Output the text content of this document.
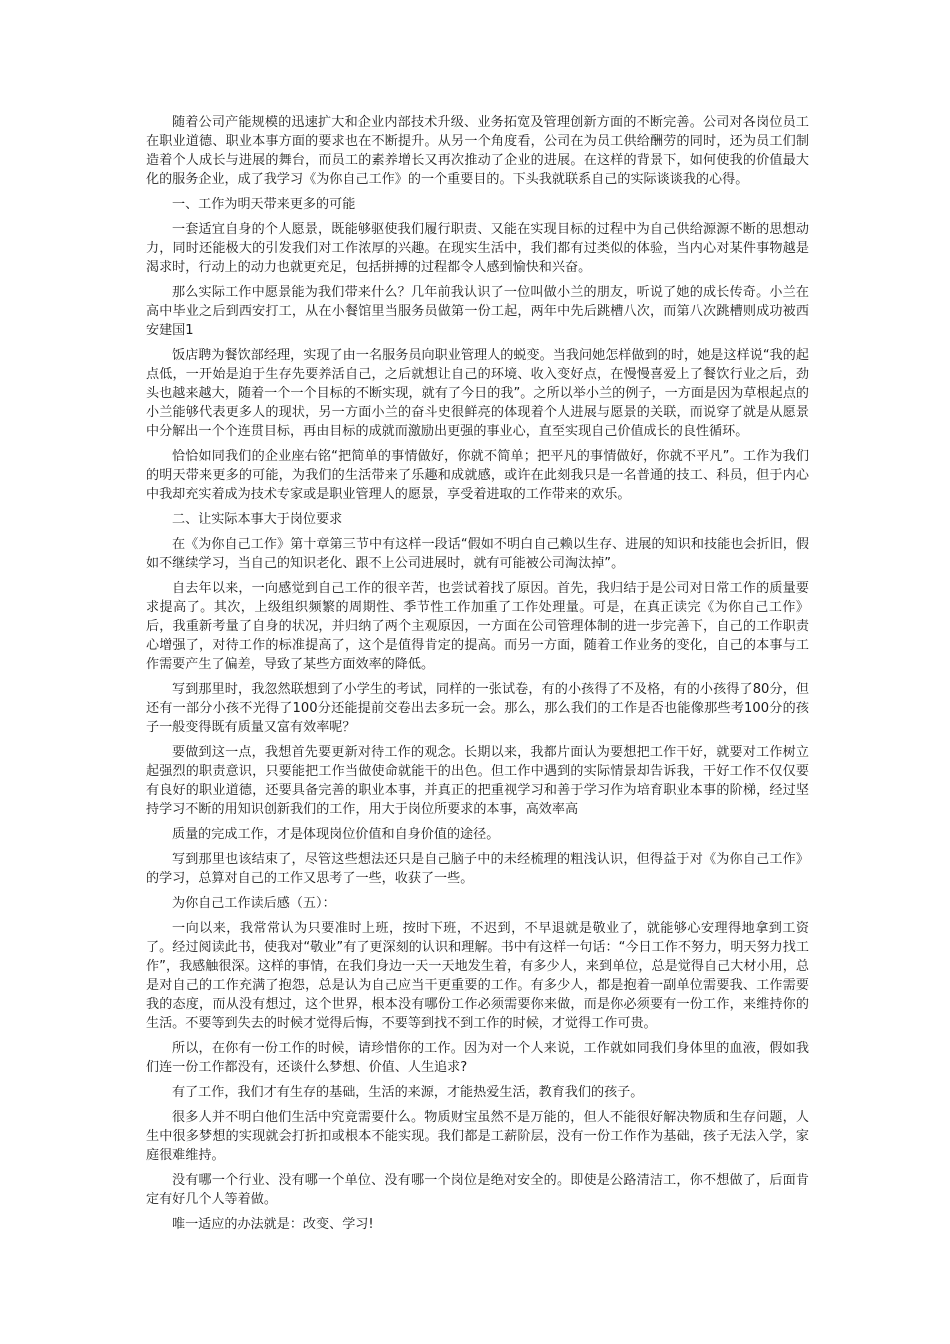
随着公司产能规模的迅速扩大和企业内部技术升级、业务拓宽及管理创新方面的不断完善。公司对各岗位员工在职业道德、职业本事方面的要求也在不断提升。从另一个角度看，公司在为员工供给酬劳的同时，还为员工们制造着个人成长与进展的舞台，而员工的素养增长又再次推动了企业的进展。在这样的背景下，如何使我的价值最大化的服务企业，成了我学习《为你自己工作》的一个重要目的。下头我就联系自己的实际谈谈我的心得。

一、工作为明天带来更多的可能

一套适宜自身的个人愿景，既能够驱使我们履行职责、又能在实现目标的过程中为自己供给源源不断的思想动力，同时还能极大的引发我们对工作浓厚的兴趣。在现实生活中，我们都有过类似的体验，当内心对某件事物越是渴求时，行动上的动力也就更充足，包括拼搏的过程都令人感到愉快和兴奋。

那么实际工作中愿景能为我们带来什么？几年前我认识了一位叫做小兰的朋友，听说了她的成长传奇。小兰在高中毕业之后到西安打工，从在小餐馆里当服务员做第一份工起，两年中先后跳槽八次，而第八次跳槽则成功被西安建国1

饭店聘为餐饮部经理，实现了由一名服务员向职业管理人的蜕变。当我问她怎样做到的时，她是这样说“我的起点低，一开始是迫于生存先要养活自己，之后就想让自己的环境、收入变好点，在慢慢喜爱上了餐饮行业之后，劲头也越来越大，随着一个一个目标的不断实现，就有了今日的我”。之所以举小兰的例子，一方面是因为草根起点的小兰能够代表更多人的现状，另一方面小兰的奋斗史很鲜亮的体现着个人进展与愿景的关联，而说穿了就是从愿景中分解出一个个连贯目标，再由目标的成就而激励出更强的事业心，直至实现自己价值成长的良性循环。

恰恰如同我们的企业座右铭“把简单的事情做好，你就不简单；把平凡的事情做好，你就不平凡”。工作为我们的明天带来更多的可能，为我们的生活带来了乐趣和成就感，或许在此刻我只是一名普通的技工、科员，但于内心中我却充实着成为技术专家或是职业管理人的愿景，享受着进取的工作带来的欢乐。

二、让实际本事大于岗位要求

在《为你自己工作》第十章第三节中有这样一段话“假如不明白自己赖以生存、进展的知识和技能也会折旧，假如不继续学习，当自己的知识老化、跟不上公司进展时，就有可能被公司淘汰掉”。

自去年以来，一向感觉到自己工作的很辛苦，也尝试着找了原因。首先，我归结于是公司对日常工作的质量要求提高了。其次，上级组织频繁的周期性、季节性工作加重了工作处理量。可是，在真正读完《为你自己工作》后，我重新考量了自身的状况，并归纳了两个主观原因，一方面在公司管理体制的进一步完善下，自己的工作职责心增强了，对待工作的标准提高了，这个是值得肯定的提高。而另一方面，随着工作业务的变化，自己的本事与工作需要产生了偏差，导致了某些方面效率的降低。

写到那里时，我忽然联想到了小学生的考试，同样的一张试卷，有的小孩得了不及格，有的小孩得了80分，但还有一部分小孩不光得了100分还能提前交卷出去多玩一会。那么，那么我们的工作是否也能像那些考100分的孩子一般变得既有质量又富有效率呢？

要做到这一点，我想首先要更新对待工作的观念。长期以来，我都片面认为要想把工作干好，就要对工作树立起强烈的职责意识，只要能把工作当做使命就能干的出色。但工作中遇到的实际情景却告诉我，干好工作不仅仅要有良好的职业道德，还要具备完善的职业本事，并真正的把重视学习和善于学习作为培育职业本事的阶梯，经过坚持学习不断的用知识创新我们的工作，用大于岗位所要求的本事，高效率高

质量的完成工作，才是体现岗位价值和自身价值的途径。

写到那里也该结束了，尽管这些想法还只是自己脑子中的未经梳理的粗浅认识，但得益于对《为你自己工作》的学习，总算对自己的工作又思考了一些，收获了一些。

为你自己工作读后感（五）：

一向以来，我常常认为只要准时上班，按时下班，不迟到，不早退就是敬业了，就能够心安理得地拿到工资了。经过阅读此书，使我对“敬业”有了更深刻的认识和理解。书中有这样一句话：“今日工作不努力，明天努力找工作”，我感触很深。这样的事情，在我们身边一天一天地发生着，有多少人，来到单位，总是觉得自己大材小用，总是对自己的工作充满了抱怨，总是认为自己应当干更重要的工作。有多少人，都是抱着一副单位需要我、工作需要我的态度，而从没有想过，这个世界，根本没有哪份工作必须需要你来做，而是你必须要有一份工作，来维持你的生活。不要等到失去的时候才觉得后悔，不要等到找不到工作的时候，才觉得工作可贵。

所以，在你有一份工作的时候，请珍惜你的工作。因为对一个人来说，工作就如同我们身体里的血液，假如我们连一份工作都没有，还谈什么梦想、价值、人生追求?

有了工作，我们才有生存的基础，生活的来源，才能热爱生活，教育我们的孩子。

很多人并不明白他们生活中究竟需要什么。物质财宝虽然不是万能的，但人不能很好解决物质和生存问题，人生中很多梦想的实现就会打折扣或根本不能实现。我们都是工薪阶层，没有一份工作作为基础，孩子无法入学，家庭很难维持。

没有哪一个行业、没有哪一个单位、没有哪一个岗位是绝对安全的。即使是公路清洁工，你不想做了，后面肯定有好几个人等着做。

唯一适应的办法就是：改变、学习!
